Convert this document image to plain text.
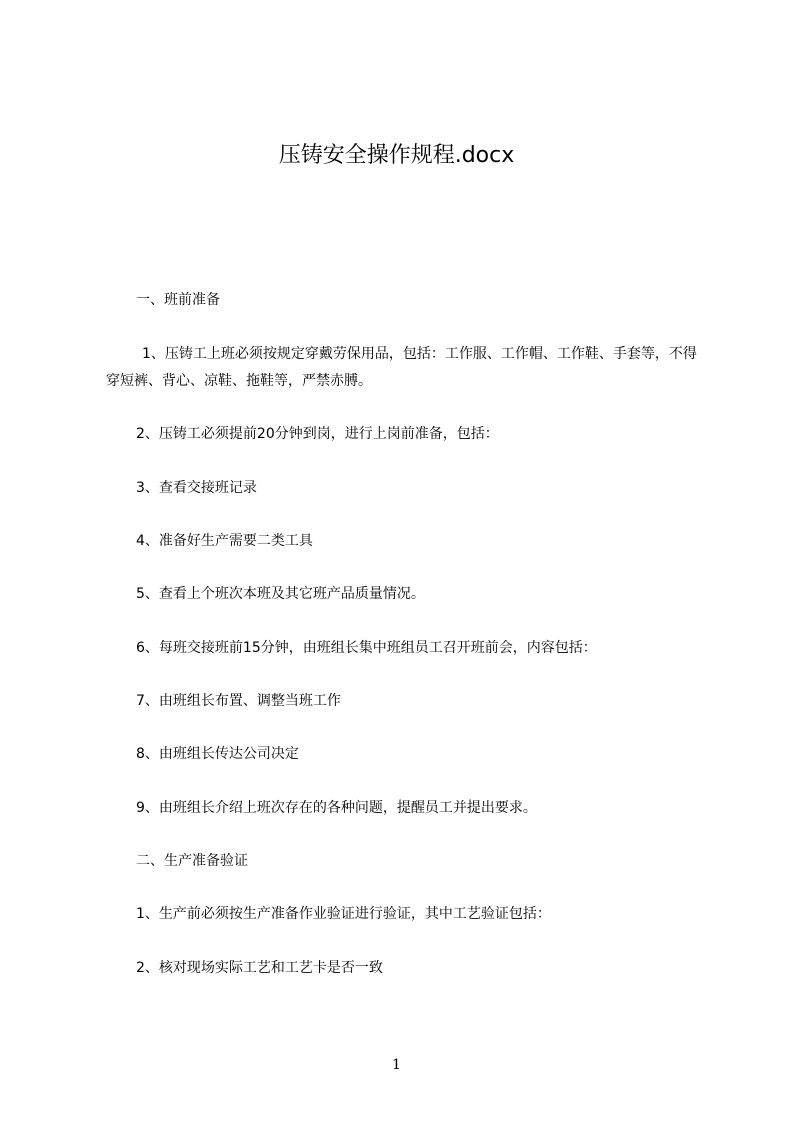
压铸安全操作规程.docx
一、班前准备
1、压铸工上班必须按规定穿戴劳保用品，包括：工作服、工作帽、工作鞋、手套等，不得穿短裤、背心、凉鞋、拖鞋等，严禁赤膊。
2、压铸工必须提前20分钟到岗，进行上岗前准备，包括：
3、查看交接班记录
4、准备好生产需要二类工具
5、查看上个班次本班及其它班产品质量情况。
6、每班交接班前15分钟，由班组长集中班组员工召开班前会，内容包括：
7、由班组长布置、调整当班工作
8、由班组长传达公司决定
9、由班组长介绍上班次存在的各种问题，提醒员工并提出要求。
二、生产准备验证
1、生产前必须按生产准备作业验证进行验证，其中工艺验证包括：
2、核对现场实际工艺和工艺卡是否一致
1
